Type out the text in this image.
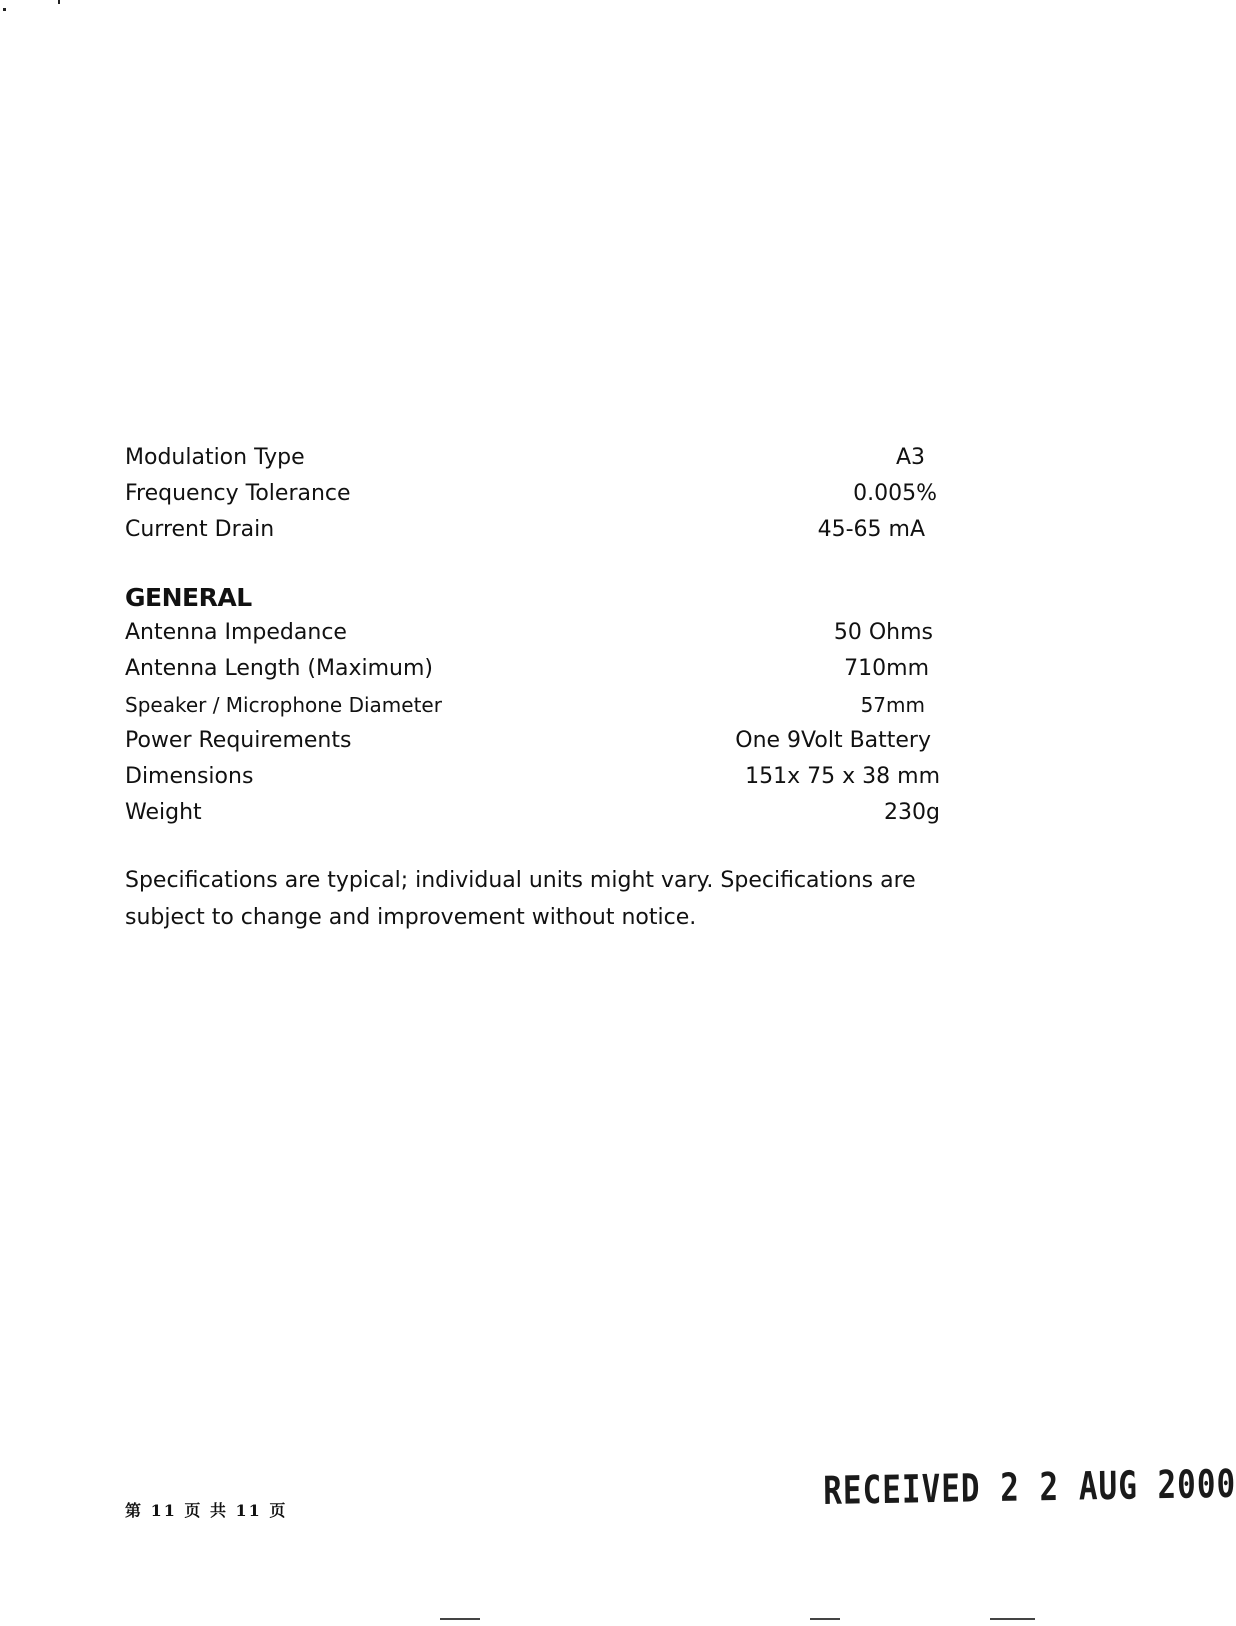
Modulation Type	A3
Frequency Tolerance	0.005%
Current Drain	45-65 mA
GENERAL
Antenna Impedance	50 Ohms
Antenna Length (Maximum)	710mm
Speaker / Microphone Diameter	57mm
Power Requirements	One 9Volt Battery
Dimensions	151x 75 x 38 mm
Weight	230g
Specifications are typical; individual units might vary. Specifications are subject to change and improvement without notice.
第 11 页 共 11 页	RECEIVED 2 2 AUG 2000
